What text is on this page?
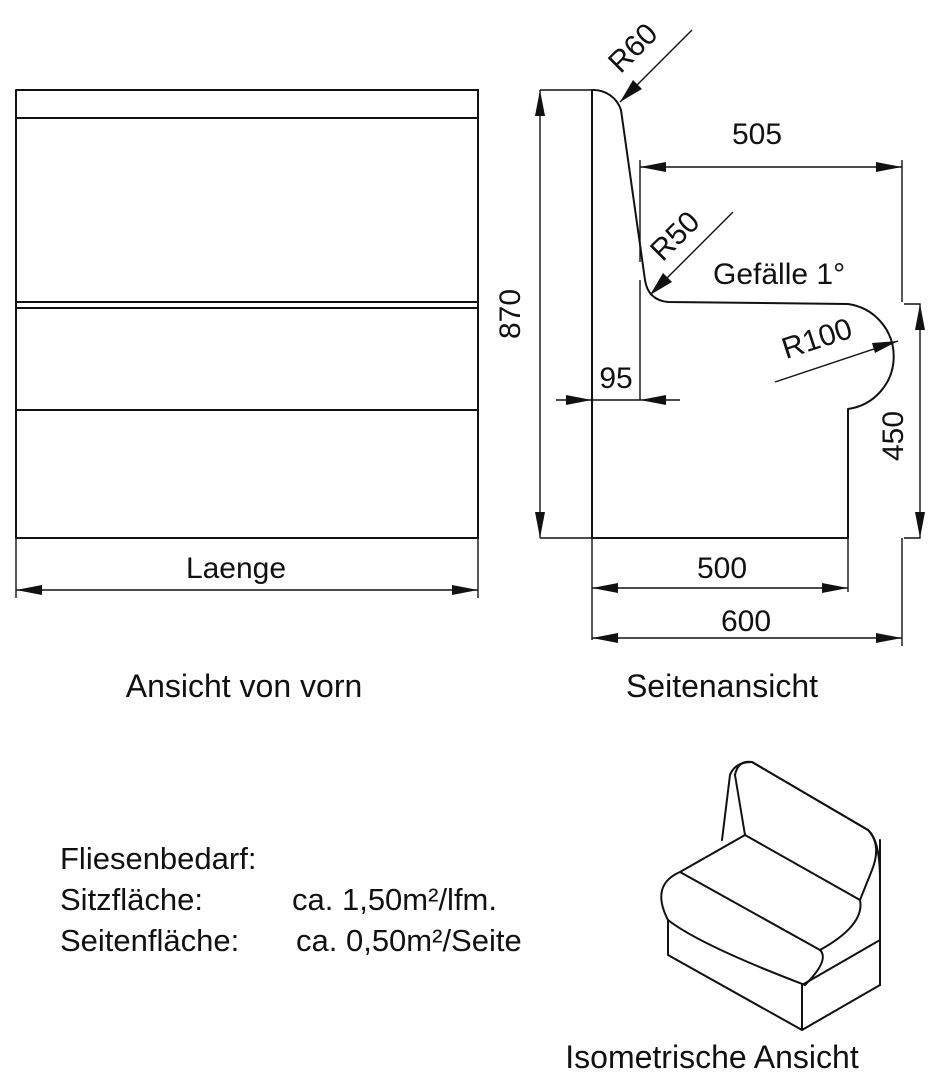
Laenge
Ansicht von vorn
870
R60
505
R50
Gefälle 1°
R100
95
450
500
600
Seitenansicht
Isometrische Ansicht
Fliesenbedarf:
Sitzfläche:	ca. 1,50m²/lfm.
Seitenfläche: ca. 0,50m²/Seite
